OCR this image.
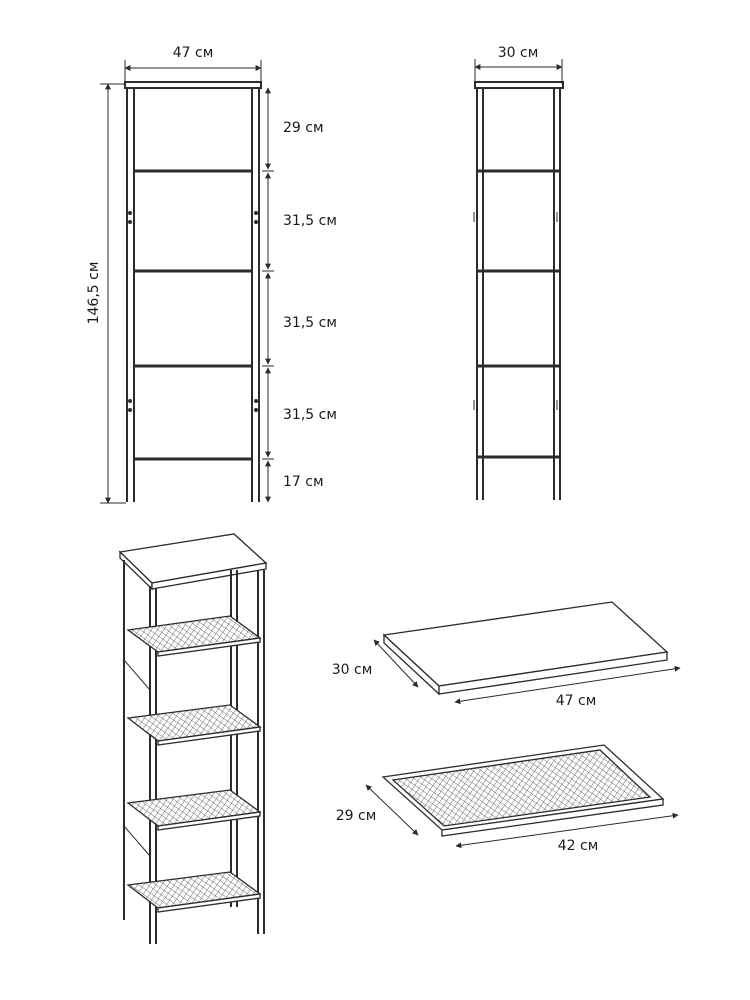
47 см
146,5 см
29 см
31,5 см
31,5 см
31,5 см
17 см
30 см
30 см
47 см
29 см
42 см
